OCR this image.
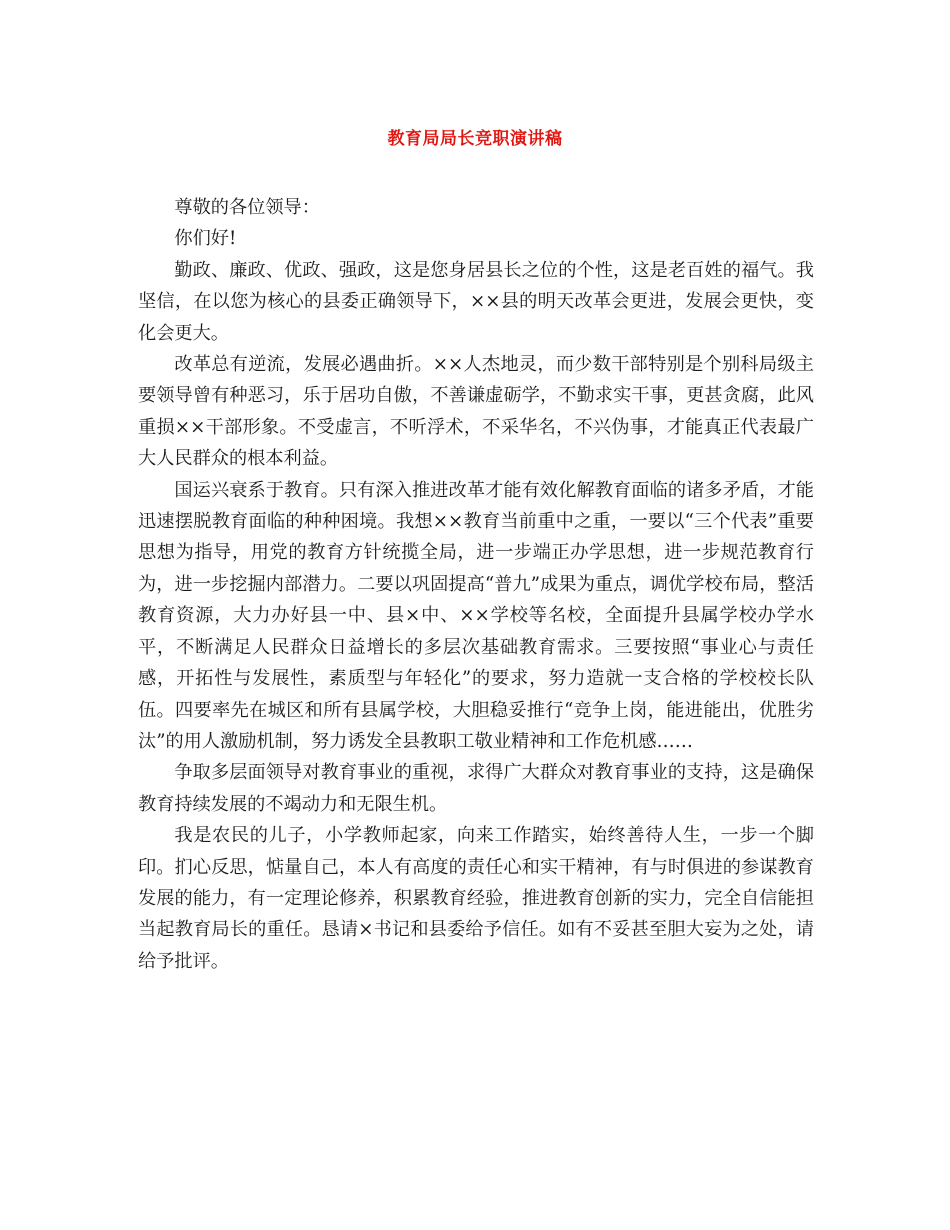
教育局局长竞职演讲稿

尊敬的各位领导：

你们好!

勤政、廉政、优政、强政，这是您身居县长之位的个性，这是老百姓的福气。我坚信，在以您为核心的县委正确领导下，××县的明天改革会更进，发展会更快，变化会更大。

改革总有逆流，发展必遇曲折。××人杰地灵，而少数干部特别是个别科局级主要领导曾有种恶习，乐于居功自傲，不善谦虚砺学，不勤求实干事，更甚贪腐，此风重损××干部形象。不受虚言，不听浮术，不采华名，不兴伪事，才能真正代表最广大人民群众的根本利益。

国运兴衰系于教育。只有深入推进改革才能有效化解教育面临的诸多矛盾，才能迅速摆脱教育面临的种种困境。我想××教育当前重中之重，一要以“三个代表”重要思想为指导，用党的教育方针统揽全局，进一步端正办学思想，进一步规范教育行为，进一步挖掘内部潜力。二要以巩固提高“普九”成果为重点，调优学校布局，整活教育资源，大力办好县一中、县×中、××学校等名校，全面提升县属学校办学水平，不断满足人民群众日益增长的多层次基础教育需求。三要按照“事业心与责任感，开拓性与发展性，素质型与年轻化”的要求，努力造就一支合格的学校校长队伍。四要率先在城区和所有县属学校，大胆稳妥推行“竞争上岗，能进能出，优胜劣汰”的用人激励机制，努力诱发全县教职工敬业精神和工作危机感……

争取多层面领导对教育事业的重视，求得广大群众对教育事业的支持，这是确保教育持续发展的不竭动力和无限生机。

我是农民的儿子，小学教师起家，向来工作踏实，始终善待人生，一步一个脚印。扪心反思，惦量自己，本人有高度的责任心和实干精神，有与时俱进的参谋教育发展的能力，有一定理论修养，积累教育经验，推进教育创新的实力，完全自信能担当起教育局长的重任。恳请×书记和县委给予信任。如有不妥甚至胆大妄为之处，请给予批评。
